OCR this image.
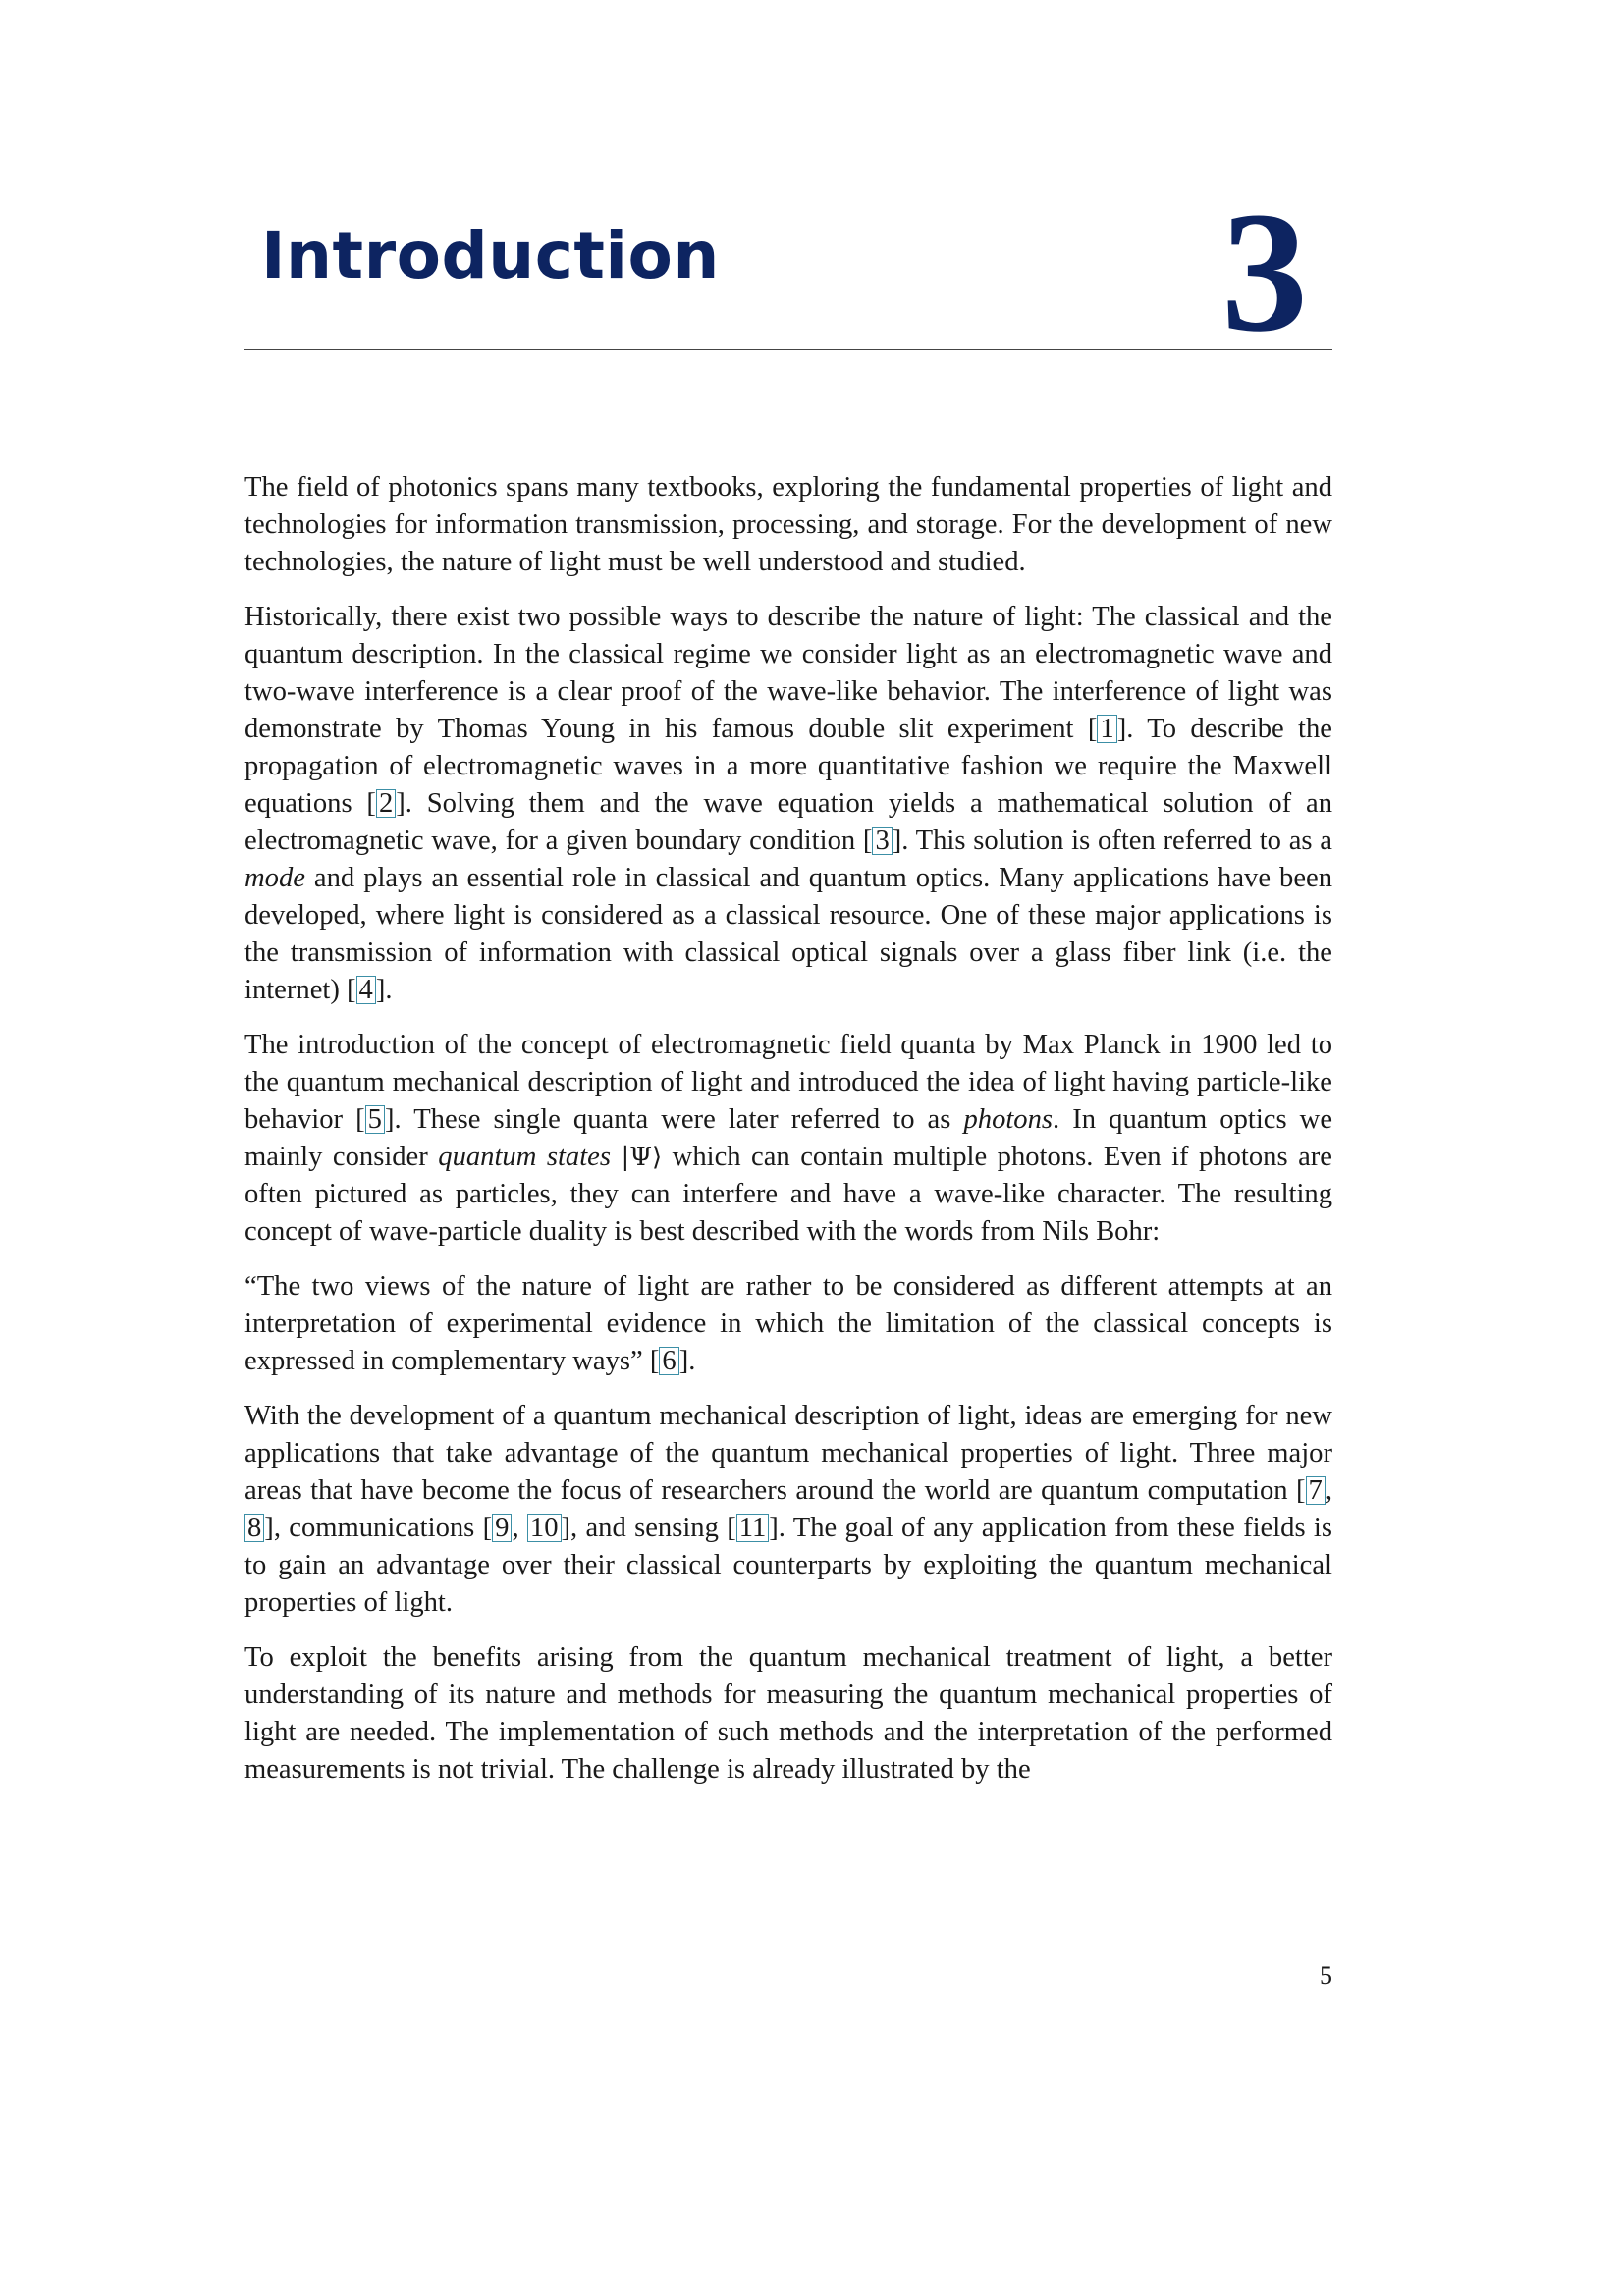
Introduction	3

The field of photonics spans many textbooks, exploring the fundamental properties of light and technologies for information transmission, processing, and storage. For the development of new technologies, the nature of light must be well understood and studied.

Historically, there exist two possible ways to describe the nature of light: The classical and the quantum description. In the classical regime we consider light as an electromagnetic wave and two-wave interference is a clear proof of the wave-like behavior. The interference of light was demonstrate by Thomas Young in his famous double slit experiment [ 1 ]. To describe the propagation of electromagnetic waves in a more quantitative fashion we require the Maxwell equations [ 2 ]. Solving them and the wave equation yields a mathematical solution of an electromagnetic wave, for a given boundary condition [ 3 ]. This solution is often referred to as a mode and plays an essential role in classical and quantum optics. Many applications have been developed, where light is considered as a classical resource. One of these major applications is the transmission of information with classical optical signals over a glass fiber link (i.e. the internet) [ 4 ].

The introduction of the concept of electromagnetic field quanta by Max Planck in 1900 led to the quantum mechanical description of light and introduced the idea of light having particle-like behavior [ 5 ]. These single quanta were later referred to as photons. In quantum optics we mainly consider quantum states |Ψ⟩ which can contain multiple photons. Even if photons are often pictured as particles, they can interfere and have a wave-like character. The resulting concept of wave-particle duality is best described with the words from Nils Bohr:

“The two views of the nature of light are rather to be considered as different attempts at an interpretation of experimental evidence in which the limitation of the classical concepts is expressed in complementary ways” [ 6 ].

With the development of a quantum mechanical description of light, ideas are emerging for new applications that take advantage of the quantum mechanical properties of light. Three major areas that have become the focus of researchers around the world are quantum computation [ 7 , 8 ], communications [ 9 , 10 ], and sensing [ 11 ]. The goal of any application from these fields is to gain an advantage over their classical counterparts by exploiting the quantum mechanical properties of light.

To exploit the benefits arising from the quantum mechanical treatment of light, a better understanding of its nature and methods for measuring the quantum mechanical properties of light are needed. The implementation of such methods and the interpretation of the performed measurements is not trivial. The challenge is already illustrated by the

5
